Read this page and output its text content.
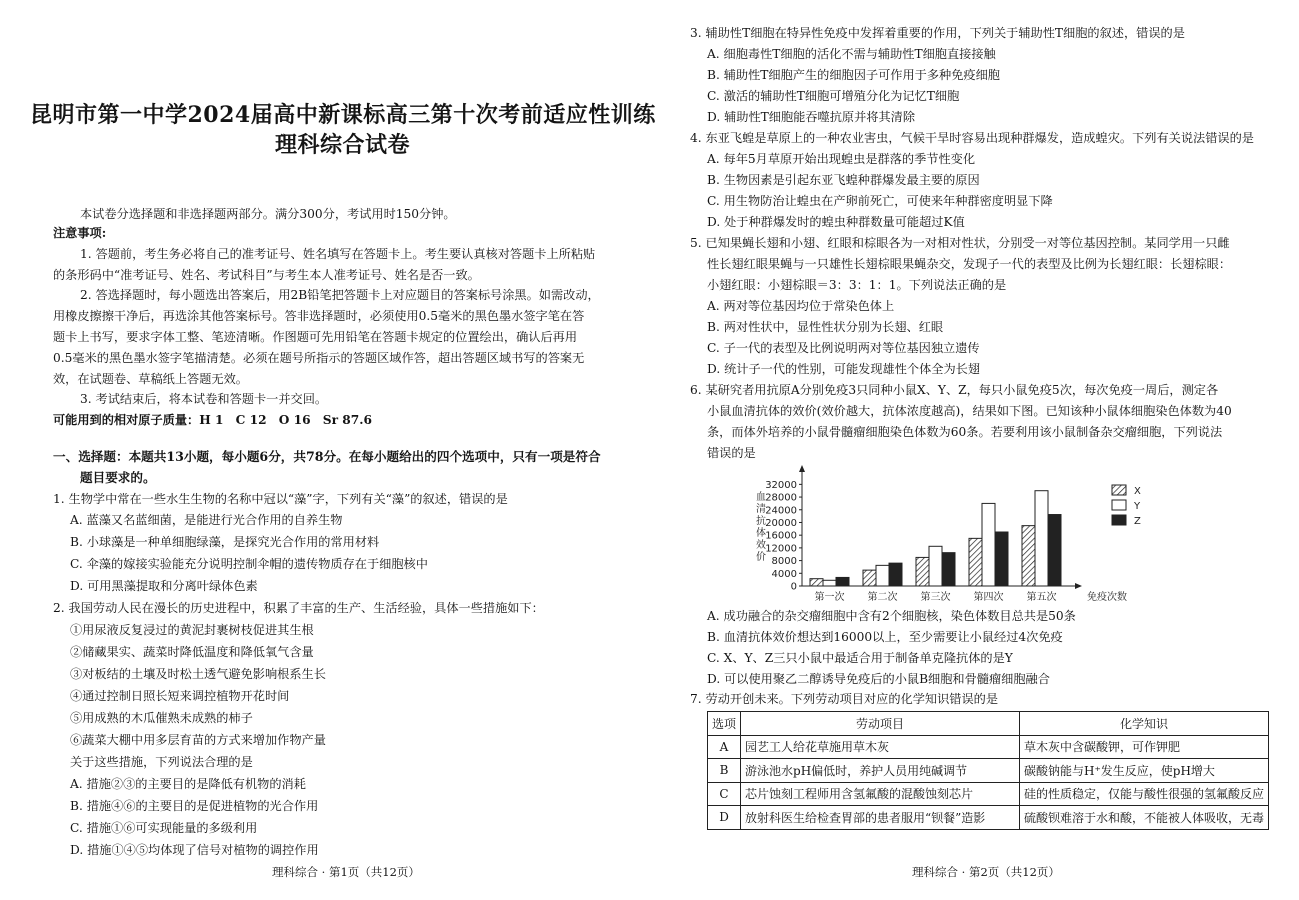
昆明市第一中学2024届高中新课标高三第十次考前适应性训练
理科综合试卷
本试卷分选择题和非选择题两部分。满分300分，考试用时150分钟。
注意事项:
1. 答题前，考生务必将自己的准考证号、姓名填写在答题卡上。考生要认真核对答题卡上所粘贴
的条形码中“准考证号、姓名、考试科目”与考生本人准考证号、姓名是否一致。
2. 答选择题时，每小题选出答案后，用2B铅笔把答题卡上对应题目的答案标号涂黑。如需改动，
用橡皮擦擦干净后，再选涂其他答案标号。答非选择题时，必须使用0.5毫米的黑色墨水签字笔在答
题卡上书写，要求字体工整、笔迹清晰。作图题可先用铅笔在答题卡规定的位置绘出，确认后再用
0.5毫米的黑色墨水签字笔描清楚。必须在题号所指示的答题区域作答，超出答题区域书写的答案无
效，在试题卷、草稿纸上答题无效。
3. 考试结束后，将本试卷和答题卡一并交回。
可能用到的相对原子质量：H 1　C 12　O 16　Sr 87.6
一、选择题：本题共13小题，每小题6分，共78分。在每小题给出的四个选项中，只有一项是符合
题目要求的。
1. 生物学中常在一些水生生物的名称中冠以“藻”字，下列有关“藻”的叙述，错误的是
A. 蓝藻又名蓝细菌，是能进行光合作用的自养生物
B. 小球藻是一种单细胞绿藻，是探究光合作用的常用材料
C. 伞藻的嫁接实验能充分说明控制伞帽的遗传物质存在于细胞核中
D. 可用黑藻提取和分离叶绿体色素
2. 我国劳动人民在漫长的历史进程中，积累了丰富的生产、生活经验，具体一些措施如下：
①用尿液反复浸过的黄泥封裹树枝促进其生根
②储藏果实、蔬菜时降低温度和降低氧气含量
③对板结的土壤及时松土透气避免影响根系生长
④通过控制日照长短来调控植物开花时间
⑤用成熟的木瓜催熟未成熟的柿子
⑥蔬菜大棚中用多层育苗的方式来增加作物产量
关于这些措施，下列说法合理的是
A. 措施②③的主要目的是降低有机物的消耗
B. 措施④⑥的主要目的是促进植物的光合作用
C. 措施①⑥可实现能量的多级利用
D. 措施①④⑤均体现了信号对植物的调控作用
理科综合 · 第1页（共12页）
3. 辅助性T细胞在特异性免疫中发挥着重要的作用，下列关于辅助性T细胞的叙述，错误的是
A. 细胞毒性T细胞的活化不需与辅助性T细胞直接接触
B. 辅助性T细胞产生的细胞因子可作用于多种免疫细胞
C. 激活的辅助性T细胞可增殖分化为记忆T细胞
D. 辅助性T细胞能吞噬抗原并将其清除
4. 东亚飞蝗是草原上的一种农业害虫，气候干旱时容易出现种群爆发，造成蝗灾。下列有关说法错误的是
A. 每年5月草原开始出现蝗虫是群落的季节性变化
B. 生物因素是引起东亚飞蝗种群爆发最主要的原因
C. 用生物防治让蝗虫在产卵前死亡，可使来年种群密度明显下降
D. 处于种群爆发时的蝗虫种群数量可能超过K值
5. 已知果蝇长翅和小翅、红眼和棕眼各为一对相对性状，分别受一对等位基因控制。某同学用一只雌
性长翅红眼果蝇与一只雄性长翅棕眼果蝇杂交，发现子一代的表型及比例为长翅红眼：长翅棕眼：
小翅红眼：小翅棕眼＝3：3：1：1。下列说法正确的是
A. 两对等位基因均位于常染色体上
B. 两对性状中，显性性状分别为长翅、红眼
C. 子一代的表型及比例说明两对等位基因独立遗传
D. 统计子一代的性别，可能发现雄性个体全为长翅
6. 某研究者用抗原A分别免疫3只同种小鼠X、Y、Z，每只小鼠免疫5次，每次免疫一周后，测定各
小鼠血清抗体的效价(效价越大，抗体浓度越高)，结果如下图。已知该种小鼠体细胞染色体数为40
条，而体外培养的小鼠骨髓瘤细胞染色体数为60条。若要利用该小鼠制备杂交瘤细胞，下列说法
错误的是
血清抗体效价
0
4000
8000
12000
16000
20000
24000
28000
32000
第一次 第二次 第三次 第四次 第五次	免疫次数
X
Y
Z
A. 成功融合的杂交瘤细胞中含有2个细胞核，染色体数目总共是50条
B. 血清抗体效价想达到16000以上，至少需要让小鼠经过4次免疫
C. X、Y、Z三只小鼠中最适合用于制备单克隆抗体的是Y
D. 可以使用聚乙二醇诱导免疫后的小鼠B细胞和骨髓瘤细胞融合
7. 劳动开创未来。下列劳动项目对应的化学知识错误的是
选项	劳动项目	化学知识
A	园艺工人给花草施用草木灰	草木灰中含碳酸钾，可作钾肥
B	游泳池水pH偏低时，养护人员用纯碱调节	碳酸钠能与H⁺发生反应，使pH增大
C	芯片蚀刻工程师用含氢氟酸的混酸蚀刻芯片	硅的性质稳定，仅能与酸性很强的氢氟酸反应
D	放射科医生给检查胃部的患者服用“钡餐”造影	硫酸钡难溶于水和酸，不能被人体吸收，无毒
理科综合 · 第2页（共12页）
